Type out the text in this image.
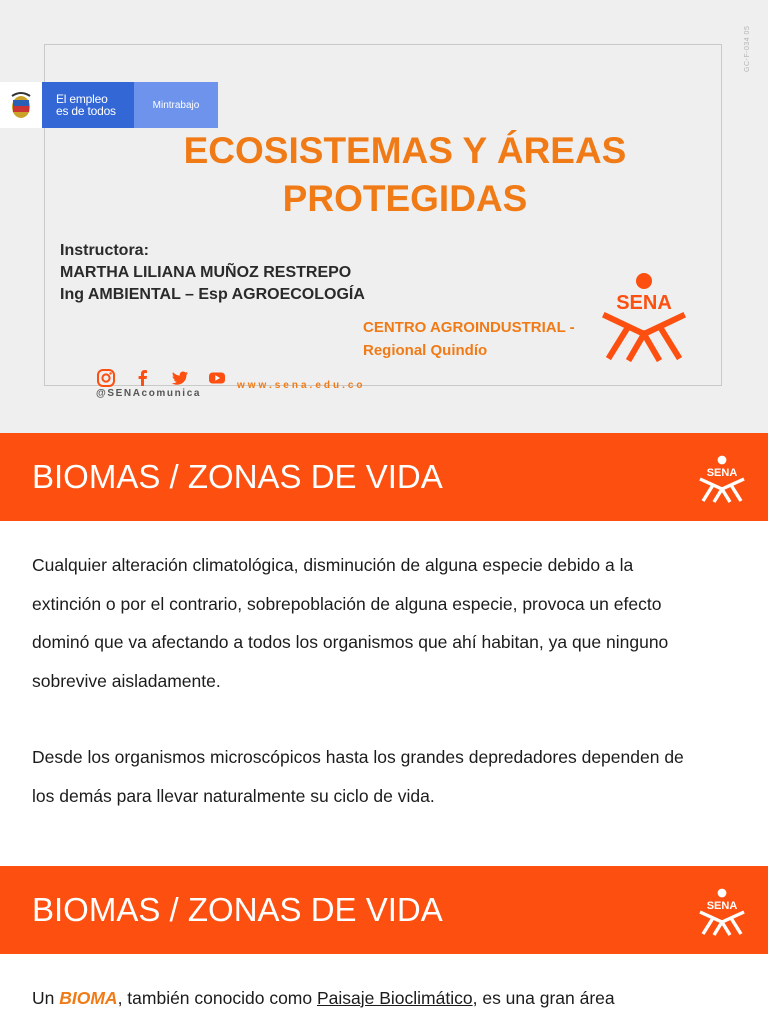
GC-F-034 05
El empleo
es de todos	Mintrabajo
ECOSISTEMAS Y ÁREAS
PROTEGIDAS
Instructora:
MARTHA LILIANA MUÑOZ RESTREPO
Ing AMBIENTAL – Esp AGROECOLOGÍA
CENTRO AGROINDUSTRIAL -
Regional Quindío
SENA
@SENAcomunica
www.sena.edu.co
BIOMAS / ZONAS DE VIDA	SENA

Cualquier alteración climatológica, disminución de alguna especie debido a la
extinción o por el contrario, sobrepoblación de alguna especie, provoca un efecto
dominó que va afectando a todos los organismos que ahí habitan, ya que ninguno
sobrevive aisladamente.

Desde los organismos microscópicos hasta los grandes depredadores dependen de
los demás para llevar naturalmente su ciclo de vida.

BIOMAS / ZONAS DE VIDA	SENA

Un BIOMA, también conocido como Paisaje Bioclimático, es una gran área
